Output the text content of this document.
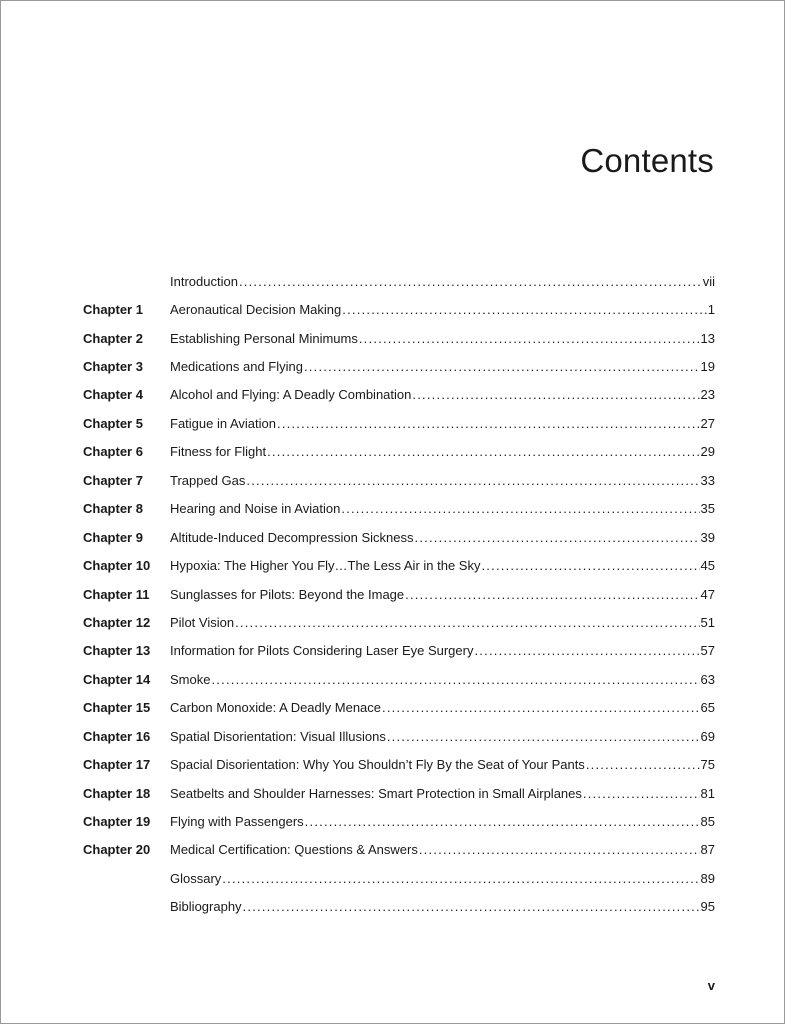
Contents
Introduction . . .	vii
Chapter 1	Aeronautical Decision Making . . .	1
Chapter 2	Establishing Personal Minimums . . .	13
Chapter 3	Medications and Flying . . .	19
Chapter 4	Alcohol and Flying: A Deadly Combination . . .	23
Chapter 5	Fatigue in Aviation . . .	27
Chapter 6	Fitness for Flight . . .	29
Chapter 7	Trapped Gas . . .	33
Chapter 8	Hearing and Noise in Aviation . . .	35
Chapter 9	Altitude-Induced Decompression Sickness . . .	39
Chapter 10	Hypoxia: The Higher You Fly…The Less Air in the Sky . . .	45
Chapter 11	Sunglasses for Pilots: Beyond the Image . . .	47
Chapter 12	Pilot Vision . . .	51
Chapter 13	Information for Pilots Considering Laser Eye Surgery . . .	57
Chapter 14	Smoke . . .	63
Chapter 15	Carbon Monoxide: A Deadly Menace . . .	65
Chapter 16	Spatial Disorientation: Visual Illusions . . .	69
Chapter 17	Spacial Disorientation: Why You Shouldn’t Fly By the Seat of Your Pants . . .	75
Chapter 18	Seatbelts and Shoulder Harnesses: Smart Protection in Small Airplanes . . .	81
Chapter 19	Flying with Passengers . . .	85
Chapter 20	Medical Certification: Questions & Answers . . .	87
Glossary . . .	89
Bibliography . . .	95
v
